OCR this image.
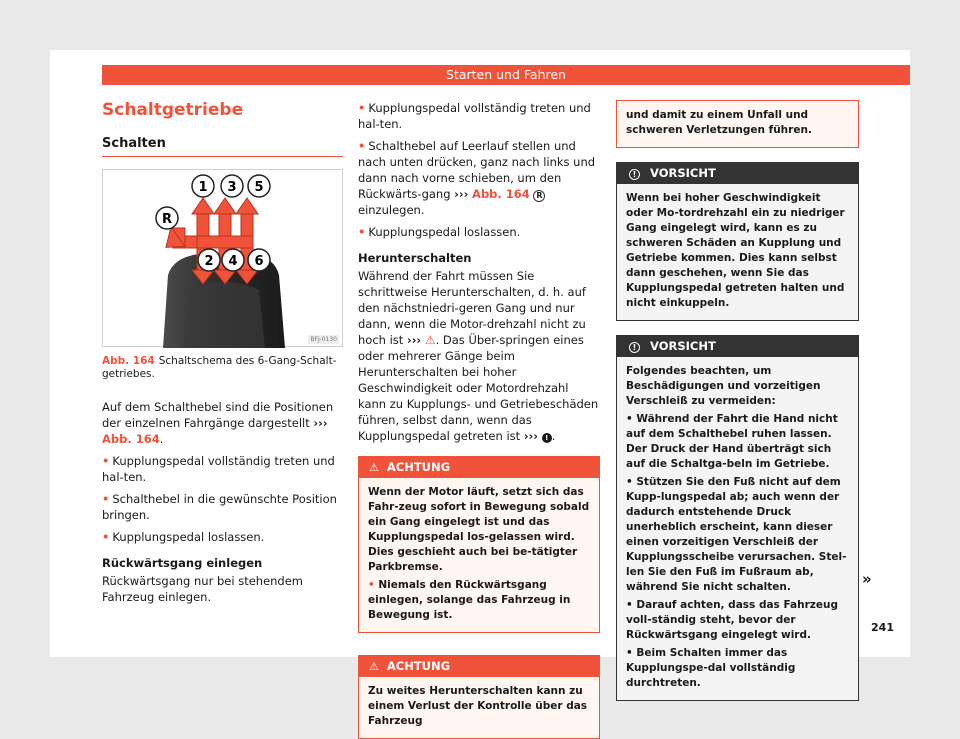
Starten und Fahren
Schaltgetriebe
Schalten
1 3 5
R
2 4 6
BFJ-0130
Abb. 164 Schaltschema des 6-Gang-Schalt-getriebes.

Auf dem Schalthebel sind die Positionen der einzelnen Fahrgänge dargestellt ››› Abb. 164.

• Kupplungspedal vollständig treten und hal-ten.
• Schalthebel in die gewünschte Position bringen.
• Kupplungspedal loslassen.
Rückwärtsgang einlegen

Rückwärtsgang nur bei stehendem Fahrzeug einlegen.

• Kupplungspedal vollständig treten und hal-ten.
• Schalthebel auf Leerlauf stellen und nach unten drücken, ganz nach links und dann nach vorne schieben, um den Rückwärts-gang ››› Abb. 164 R einzulegen.
• Kupplungspedal loslassen.
Herunterschalten

Während der Fahrt müssen Sie schrittweise Herunterschalten, d. h. auf den nächstniedri-geren Gang und nur dann, wenn die Motor-drehzahl nicht zu hoch ist ››› ⚠. Das Über-springen eines oder mehrerer Gänge beim Herunterschalten bei hoher Geschwindigkeit oder Motordrehzahl kann zu Kupplungs- und Getriebeschäden führen, selbst dann, wenn das Kupplungspedal getreten ist ››› ! .

⚠ ACHTUNG
Wenn der Motor läuft, setzt sich das Fahr-zeug sofort in Bewegung sobald ein Gang eingelegt ist und das Kupplungspedal los-gelassen wird. Dies geschieht auch bei be-tätigter Parkbremse.
• Niemals den Rückwärtsgang einlegen, solange das Fahrzeug in Bewegung ist.
⚠ ACHTUNG
Zu weites Herunterschalten kann zu einem Verlust der Kontrolle über das Fahrzeug
und damit zu einem Unfall und schweren Verletzungen führen.
! VORSICHT
Wenn bei hoher Geschwindigkeit oder Mo-tordrehzahl ein zu niedriger Gang eingelegt wird, kann es zu schweren Schäden an Kupplung und Getriebe kommen. Dies kann selbst dann geschehen, wenn Sie das Kupplungspedal getreten halten und nicht einkuppeln.
! VORSICHT
Folgendes beachten, um Beschädigungen und vorzeitigen Verschleiß zu vermeiden:
• Während der Fahrt die Hand nicht auf dem Schalthebel ruhen lassen. Der Druck der Hand überträgt sich auf die Schaltga-beln im Getriebe.
• Stützen Sie den Fuß nicht auf dem Kupp-lungspedal ab; auch wenn der dadurch entstehende Druck unerheblich erscheint, kann dieser einen vorzeitigen Verschleiß der Kupplungsscheibe verursachen. Stel-len Sie den Fuß im Fußraum ab, während Sie nicht schalten.
• Darauf achten, dass das Fahrzeug voll-ständig steht, bevor der Rückwärtsgang eingelegt wird.
• Beim Schalten immer das Kupplungspe-dal vollständig durchtreten.
»
241
